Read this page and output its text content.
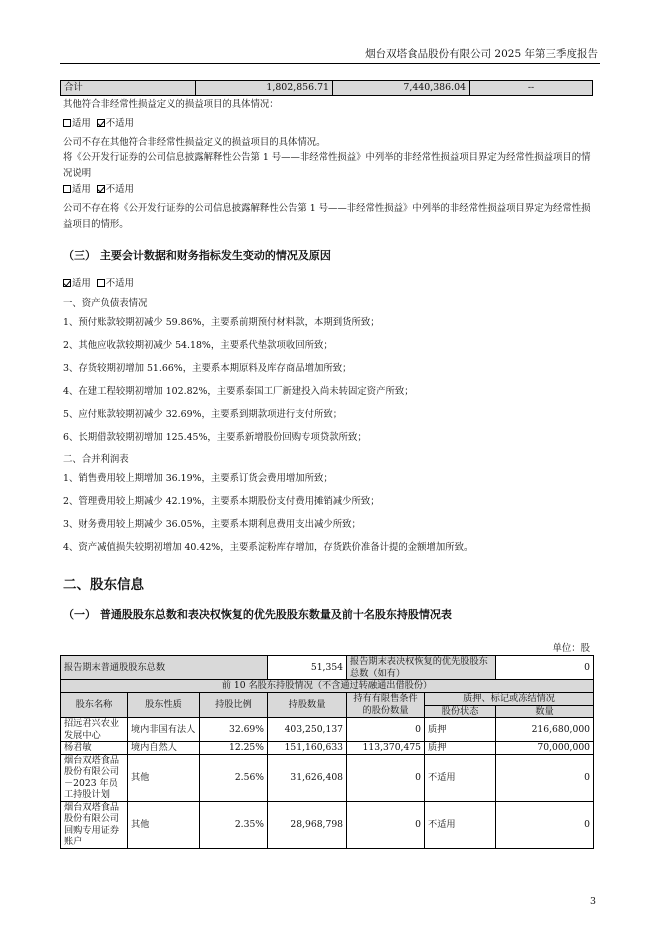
烟台双塔食品股份有限公司 2025 年第三季度报告
合计	1,802,856.71	7,440,386.04	--
其他符合非经常性损益定义的损益项目的具体情况：
适用 不适用
公司不存在其他符合非经常性损益定义的损益项目的具体情况。
将《公开发行证券的公司信息披露解释性公告第 1 号——非经常性损益》中列举的非经常性损益项目界定为经常性损益项目的情况说明
适用 不适用
公司不存在将《公开发行证券的公司信息披露解释性公告第 1 号——非经常性损益》中列举的非经常性损益项目界定为经常性损益项目的情形。
（三） 主要会计数据和财务指标发生变动的情况及原因
适用 不适用
一、资产负债表情况
1、预付账款较期初减少 59.86%，主要系前期预付材料款，本期到货所致；
2、其他应收款较期初减少 54.18%，主要系代垫款项收回所致；
3、存货较期初增加 51.66%，主要系本期原料及库存商品增加所致；
4、在建工程较期初增加 102.82%，主要系泰国工厂新建投入尚未转固定资产所致；
5、应付账款较期初减少 32.69%，主要系到期款项进行支付所致；
6、长期借款较期初增加 125.45%，主要系新增股份回购专项贷款所致；
二、合并利润表
1、销售费用较上期增加 36.19%，主要系订货会费用增加所致；
2、管理费用较上期减少 42.19%，主要系本期股份支付费用摊销减少所致；
3、财务费用较上期减少 36.05%，主要系本期利息费用支出减少所致；
4、资产减值损失较期初增加 40.42%，主要系淀粉库存增加，存货跌价准备计提的金额增加所致。
二、股东信息
（一） 普通股股东总数和表决权恢复的优先股股东数量及前十名股东持股情况表
单位：股
报告期末普通股股东总数			51,354	报告期末表决权恢复的优先股股东总数（如有）		0
前 10 名股东持股情况（不含通过转融通出借股份）						
股东名称	股东性质	持股比例	持股数量	持有有限售条件的股份数量	质押、标记或冻结情况	
					股份状态	数量
招远君兴农业发展中心	境内非国有法人	32.69%	403,250,137	0	质押	216,680,000
杨君敏	境内自然人	12.25%	151,160,633	113,370,475	质押	70,000,000
烟台双塔食品股份有限公司－2023 年员工持股计划	其他	2.56%	31,626,408	0	不适用	0
烟台双塔食品股份有限公司回购专用证券账户	其他	2.35%	28,968,798	0	不适用	0
3
